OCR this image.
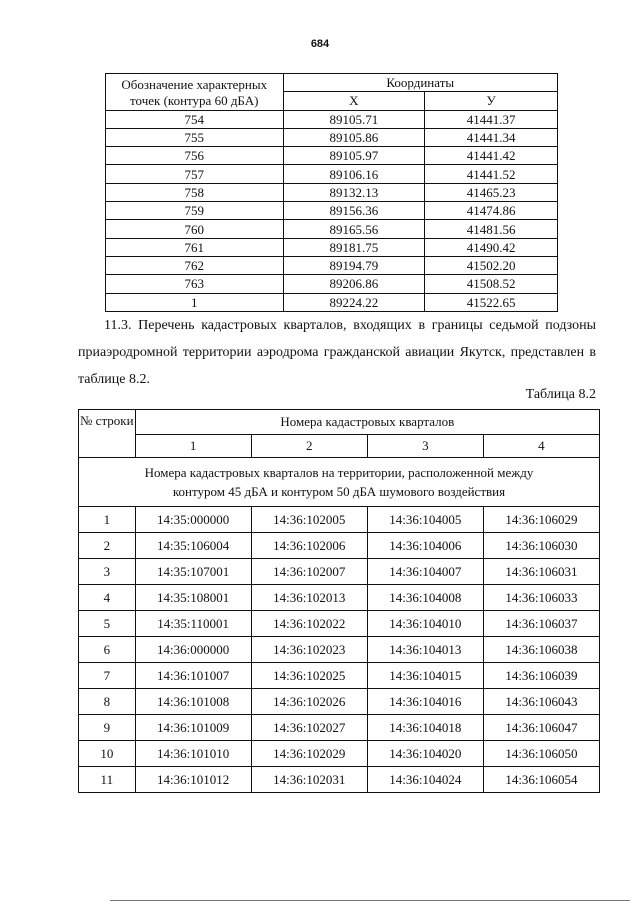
684
Обозначение характерных точек (контура 60 дБА)	Координаты	
	X	У
754	89105.71	41441.37
755	89105.86	41441.34
756	89105.97	41441.42
757	89106.16	41441.52
758	89132.13	41465.23
759	89156.36	41474.86
760	89165.56	41481.56
761	89181.75	41490.42
762	89194.79	41502.20
763	89206.86	41508.52
1	89224.22	41522.65

11.3. Перечень кадастровых кварталов, входящих в границы седьмой подзоны приаэродромной территории аэродрома гражданской авиации Якутск, представлен в таблице 8.2.

Таблица 8.2
№ строки	Номера кадастровых кварталов			
	1	2	3	4
Номера кадастровых кварталов на территории, расположенной между контуром 45 дБА и контуром 50 дБА шумового воздействия				
1	14:35:000000	14:36:102005	14:36:104005	14:36:106029
2	14:35:106004	14:36:102006	14:36:104006	14:36:106030
3	14:35:107001	14:36:102007	14:36:104007	14:36:106031
4	14:35:108001	14:36:102013	14:36:104008	14:36:106033
5	14:35:110001	14:36:102022	14:36:104010	14:36:106037
6	14:36:000000	14:36:102023	14:36:104013	14:36:106038
7	14:36:101007	14:36:102025	14:36:104015	14:36:106039
8	14:36:101008	14:36:102026	14:36:104016	14:36:106043
9	14:36:101009	14:36:102027	14:36:104018	14:36:106047
10	14:36:101010	14:36:102029	14:36:104020	14:36:106050
11	14:36:101012	14:36:102031	14:36:104024	14:36:106054
